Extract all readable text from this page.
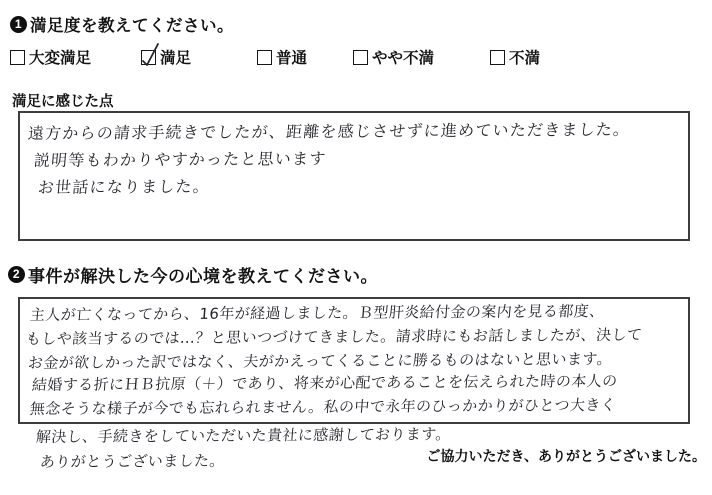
1 満足度を教えてください。
大変満足	満足	普通	やや不満	不満
満足に感じた点
遠方からの請求手続きでしたが、距離を感じさせずに進めていただきました。
説明等もわかりやすかったと思います
お世話になりました。
2 事件が解決した今の心境を教えてください。
主人が亡くなってから、16年が経過しました。Ｂ型肝炎給付金の案内を見る都度、
もしや該当するのでは…？と思いつづけてきました。請求時にもお話しましたが、決して
お金が欲しかった訳ではなく、夫がかえってくることに勝るものはないと思います。
結婚する折にＨＢ抗原（＋）であり、将来が心配であることを伝えられた時の本人の
無念そうな様子が今でも忘れられません。私の中で永年のひっかかりがひとつ大きく
解決し、手続きをしていただいた貴社に感謝しております。
ありがとうございました。	ご協力いただき、ありがとうございました。
